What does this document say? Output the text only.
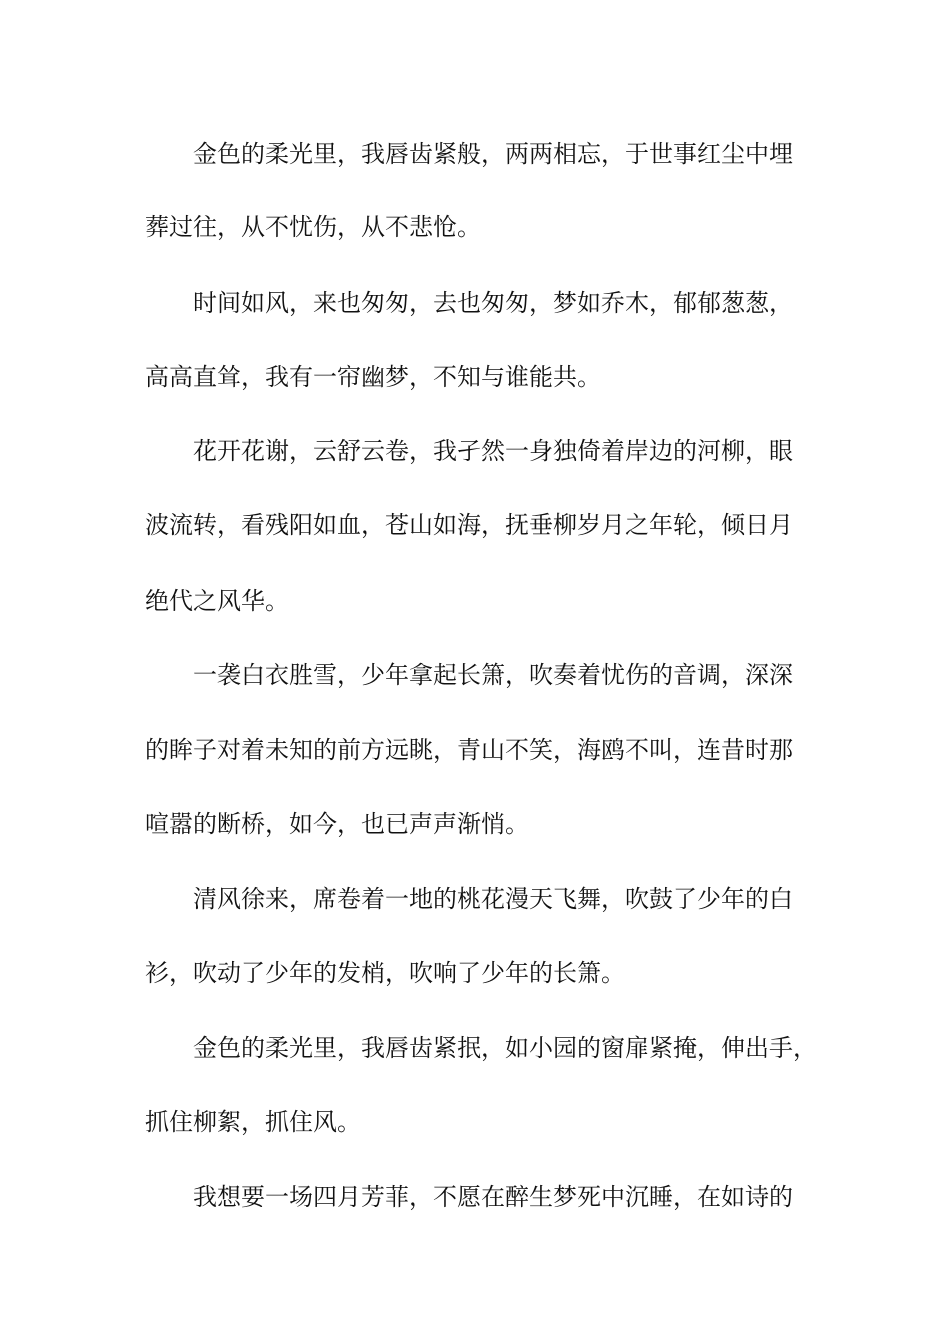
金色的柔光里，我唇齿紧般，两两相忘，于世事红尘中埋
葬过往，从不忧伤，从不悲怆。
时间如风，来也匆匆，去也匆匆，梦如乔木，郁郁葱葱，
高高直耸，我有一帘幽梦，不知与谁能共。
花开花谢，云舒云卷，我孑然一身独倚着岸边的河柳，眼
波流转，看残阳如血，苍山如海，抚垂柳岁月之年轮，倾日月
绝代之风华。
一袭白衣胜雪，少年拿起长箫，吹奏着忧伤的音调，深深
的眸子对着未知的前方远眺，青山不笑，海鸥不叫，连昔时那
喧嚣的断桥，如今，也已声声渐悄。
清风徐来，席卷着一地的桃花漫天飞舞，吹鼓了少年的白
衫，吹动了少年的发梢，吹响了少年的长箫。
金色的柔光里，我唇齿紧抿，如小园的窗扉紧掩，伸出手，
抓住柳絮，抓住风。
我想要一场四月芳菲，不愿在醉生梦死中沉睡，在如诗的
